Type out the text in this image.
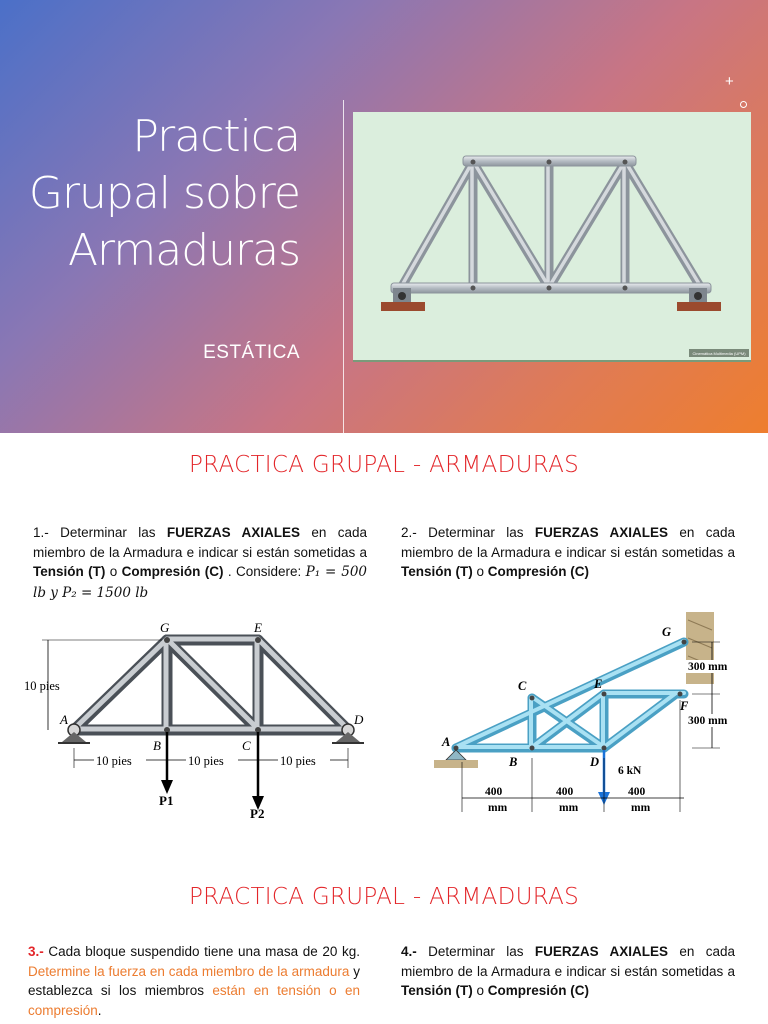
Practica
Grupal sobre
Armaduras
ESTÁTICA
+
Cinemática Multimedia (UPM)
PRACTICA GRUPAL - ARMADURAS
1.- Determinar las FUERZAS AXIALES en cada miembro de la Armadura e indicar si están sometidas a Tensión (T) o Compresión (C) . Considere: P₁ = 500 lb y P₂ = 1500 lb
2.- Determinar las FUERZAS AXIALES en cada miembro de la Armadura e indicar si están sometidas a Tensión (T) o Compresión (C)
G	E
A	D
B	C
10 pies
10 pies	10 pies	10 pies
P1
P2
A
B
C
D
E
F
G
300 mm
300 mm
6 kN
400
mm
400
mm
400
mm
PRACTICA GRUPAL - ARMADURAS
3.- Cada bloque suspendido tiene una masa de 20 kg. Determine la fuerza en cada miembro de la armadura y establezca si los miembros están en tensión o en compresión.
4.- Determinar las FUERZAS AXIALES en cada miembro de la Armadura e indicar si están sometidas a Tensión (T) o Compresión (C)
